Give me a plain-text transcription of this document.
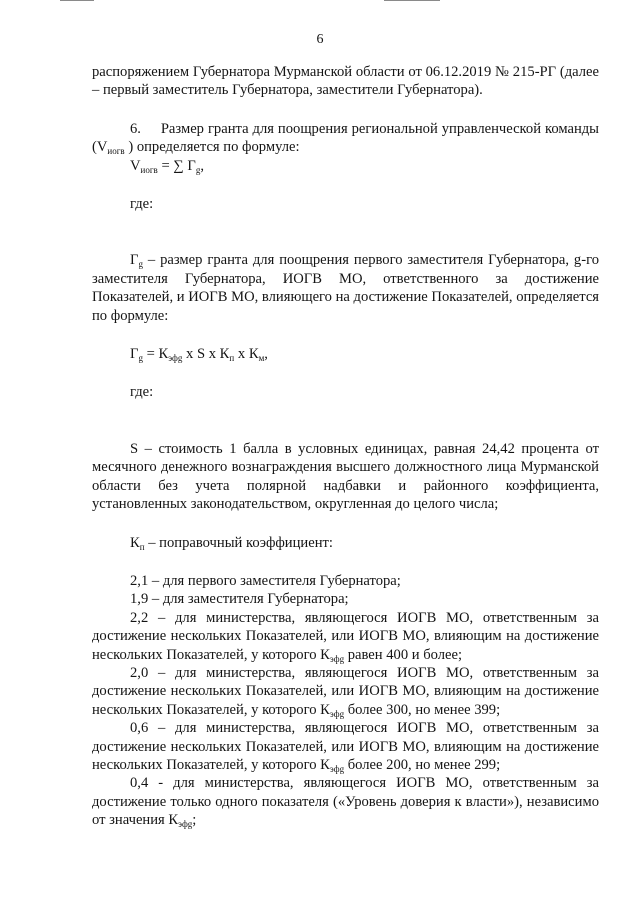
6

распоряжением Губернатора Мурманской области от 06.12.2019 № 215-РГ (далее – первый заместитель Губернатора, заместители Губернатора).

6. Размер гранта для поощрения региональной управленческой команды ($V_{иогв}$ ) определяется по формуле:

$V_{иогв}$ = ∑ $Г_g$,

где:

$Г_g$ – размер гранта для поощрения первого заместителя Губернатора, g-го заместителя Губернатора, ИОГВ МО, ответственного за достижение Показателей, и ИОГВ МО, влияющего на достижение Показателей, определяется по формуле:

$Г_g = К_{эфg}$ х S х $К_п$ х $К_м$,

где:

S – стоимость 1 балла в условных единицах, равная 24,42 процента от месячного денежного вознаграждения высшего должностного лица Мурманской области без учета полярной надбавки и районного коэффициента, установленных законодательством, округленная до целого числа;

$К_п$ – поправочный коэффициент:

2,1 – для первого заместителя Губернатора;

1,9 – для заместителя Губернатора;

2,2 – для министерства, являющегося ИОГВ МО, ответственным за достижение нескольких Показателей, или ИОГВ МО, влияющим на достижение нескольких Показателей, у которого $К_{эфg}$ равен 400 и более;

2,0 – для министерства, являющегося ИОГВ МО, ответственным за достижение нескольких Показателей, или ИОГВ МО, влияющим на достижение нескольких Показателей, у которого $К_{эфg}$ более 300, но менее 399;

0,6 – для министерства, являющегося ИОГВ МО, ответственным за достижение нескольких Показателей, или ИОГВ МО, влияющим на достижение нескольких Показателей, у которого $К_{эфg}$ более 200, но менее 299;

0,4 - для министерства, являющегося ИОГВ МО, ответственным за достижение только одного показателя («Уровень доверия к власти»), независимо от значения $К_{эфg}$;
